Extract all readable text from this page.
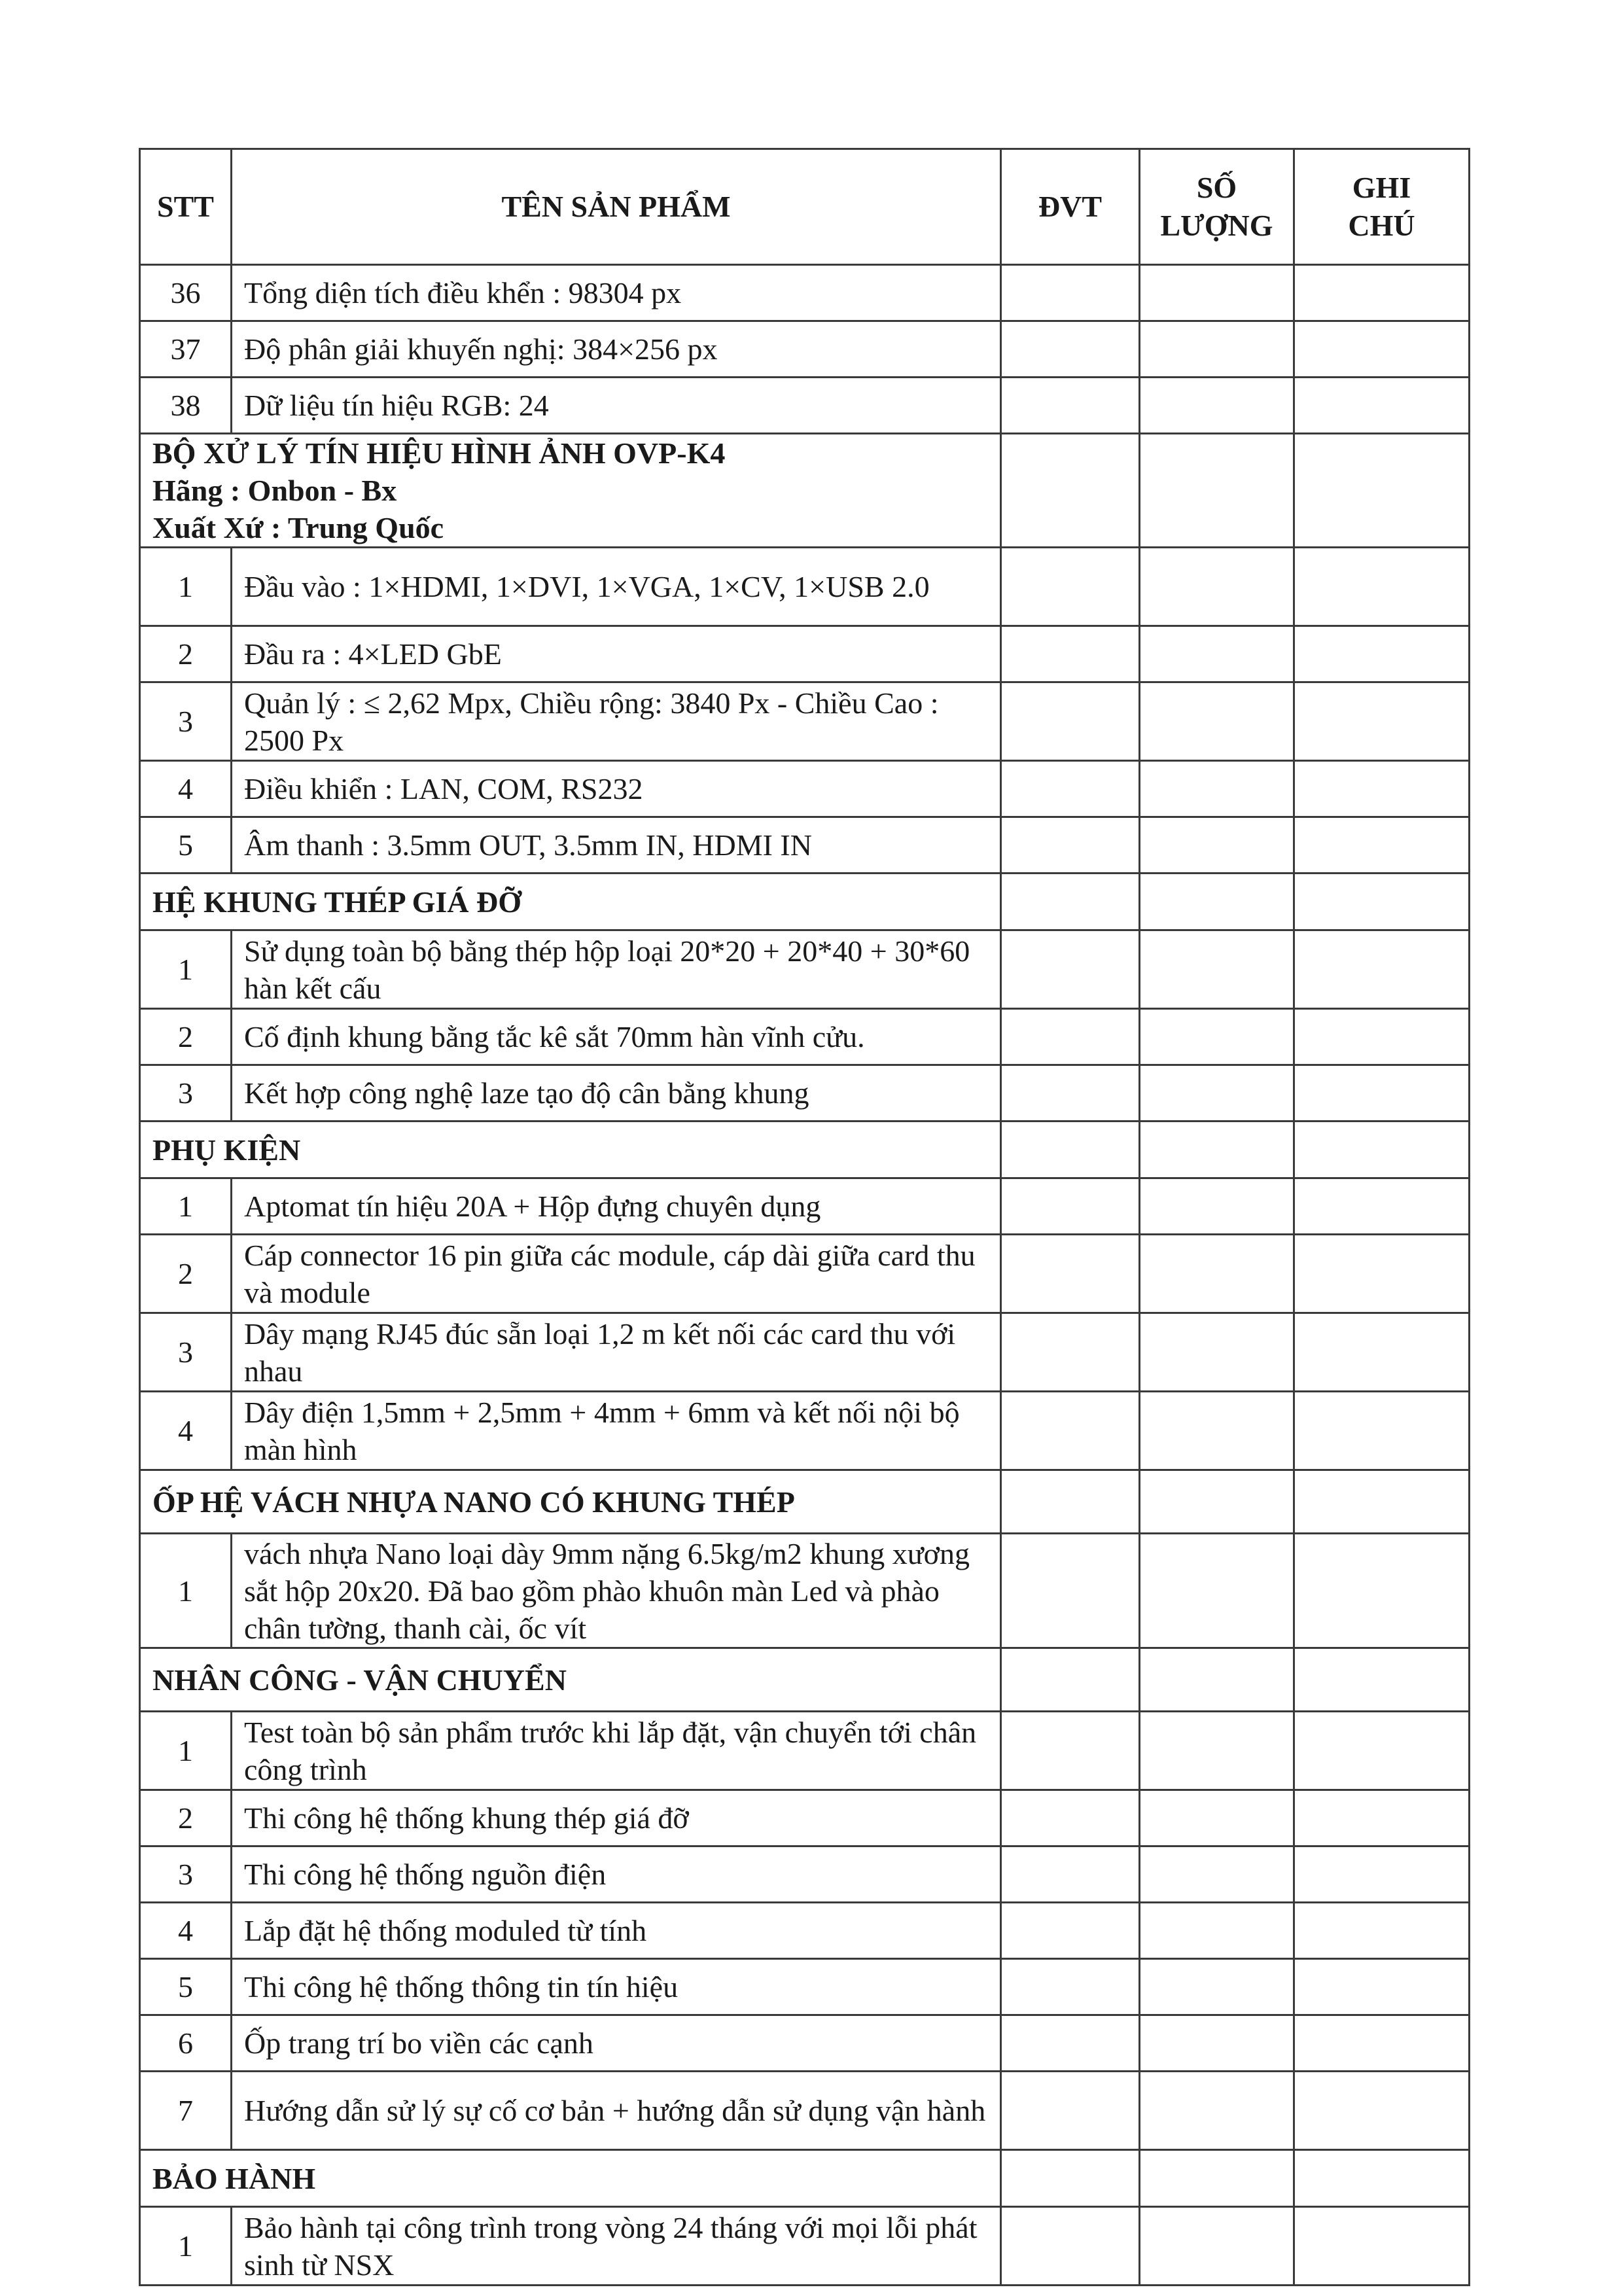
STT	TÊN SẢN PHẨM	ĐVT	SỐ LƯỢNG	GHI CHÚ
36	Tổng diện tích điều khển : 98304 px			
37	Độ phân giải khuyến nghị: 384×256 px			
38	Dữ liệu tín hiệu RGB: 24			
BỘ XỬ LÝ TÍN HIỆU HÌNH ẢNH OVP-K4
Hãng : Onbon - Bx
Xuất Xứ : Trung Quốc				
1	Đầu vào : 1×HDMI, 1×DVI, 1×VGA, 1×CV, 1×USB 2.0			
2	Đầu ra : 4×LED GbE			
3	Quản lý : ≤ 2,62 Mpx, Chiều rộng: 3840 Px - Chiều Cao : 2500 Px			
4	Điều khiển : LAN, COM, RS232			
5	Âm thanh : 3.5mm OUT, 3.5mm IN, HDMI IN			
HỆ KHUNG THÉP GIÁ ĐỠ				
1	Sử dụng toàn bộ bằng thép hộp loại 20*20 + 20*40 + 30*60 hàn kết cấu			
2	Cố định khung bằng tắc kê sắt 70mm hàn vĩnh cửu.			
3	Kết hợp công nghệ laze tạo độ cân bằng khung			
PHỤ KIỆN				
1	Aptomat tín hiệu 20A + Hộp đựng chuyên dụng			
2	Cáp connector 16 pin giữa các module, cáp dài giữa card thu và module			
3	Dây mạng RJ45 đúc sẵn loại 1,2 m kết nối các card thu với nhau			
4	Dây điện 1,5mm + 2,5mm + 4mm + 6mm và kết nối nội bộ màn hình			
ỐP HỆ VÁCH NHỰA NANO CÓ KHUNG THÉP				
1	vách nhựa Nano loại dày 9mm nặng 6.5kg/m2 khung xương sắt hộp 20x20. Đã bao gồm phào khuôn màn Led và phào chân tường, thanh cài, ốc vít			
NHÂN CÔNG - VẬN CHUYỂN				
1	Test toàn bộ sản phẩm trước khi lắp đặt, vận chuyển tới chân công trình			
2	Thi công hệ thống khung thép giá đỡ			
3	Thi công hệ thống nguồn điện			
4	Lắp đặt hệ thống moduled từ tính			
5	Thi công hệ thống thông tin tín hiệu			
6	Ốp trang trí bo viền các cạnh			
7	Hướng dẫn sử lý sự cố cơ bản + hướng dẫn sử dụng vận hành			
BẢO HÀNH				
1	Bảo hành tại công trình trong vòng 24 tháng với mọi lỗi phát sinh từ NSX			
